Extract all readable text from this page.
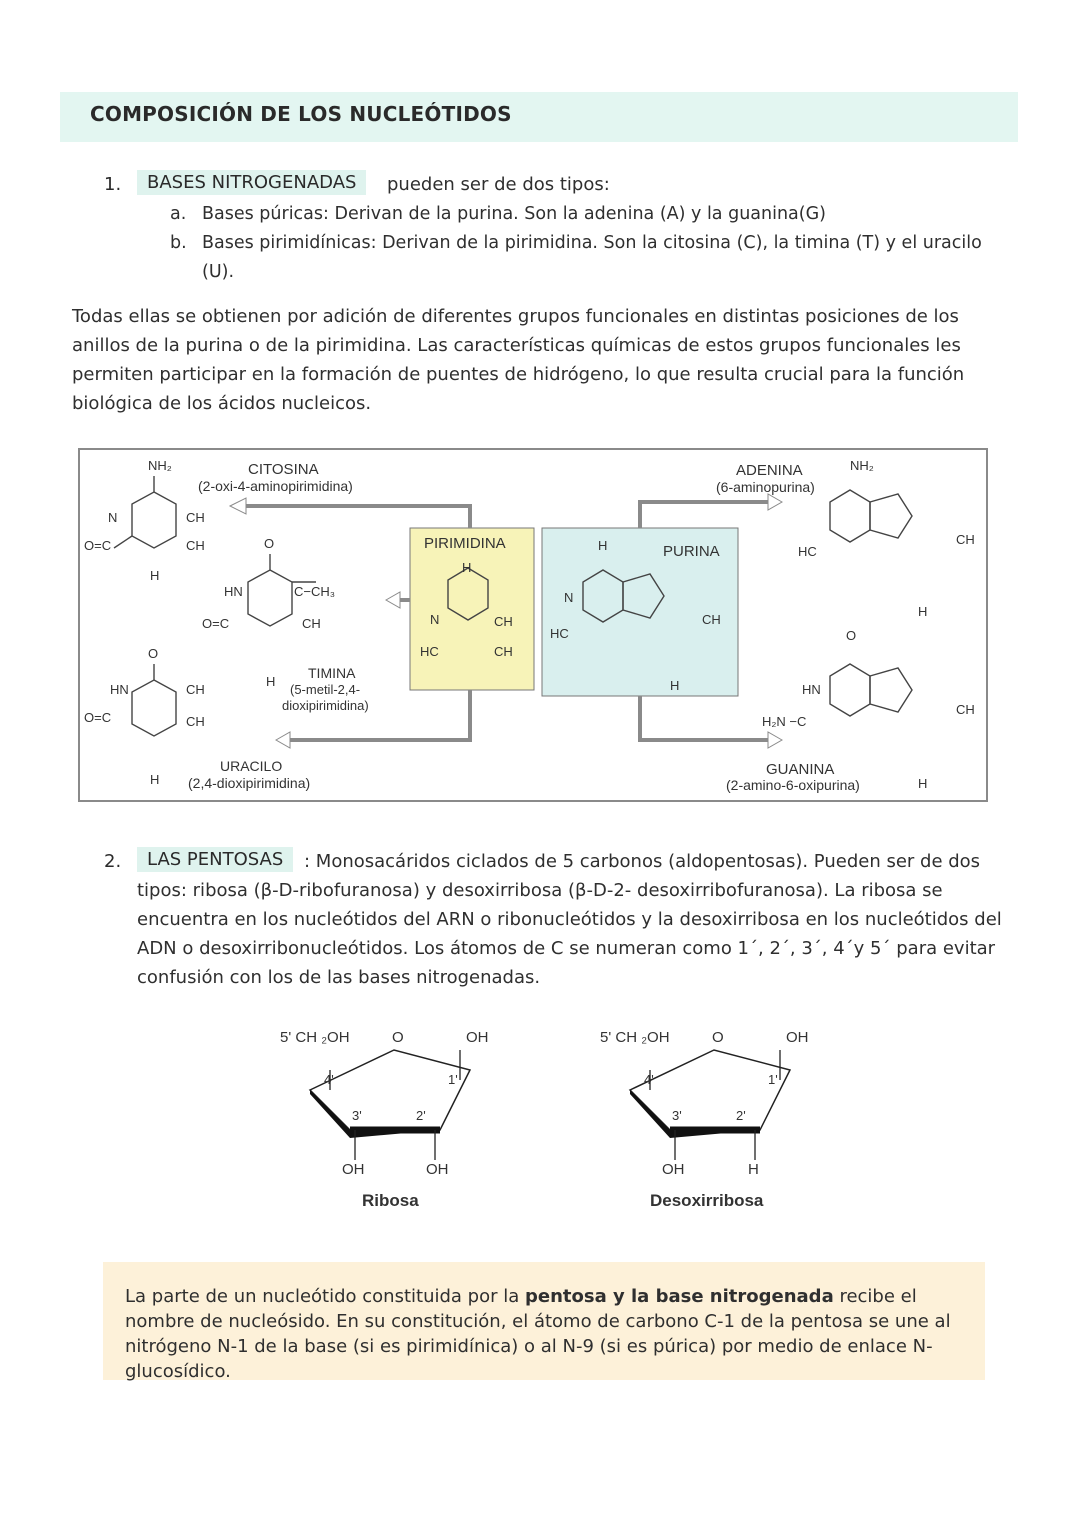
COMPOSICIÓN DE LOS NUCLEÓTIDOS
1.	BASES NITROGENADAS	pueden ser de dos tipos:
a. Bases púricas: Derivan de la purina. Son la adenina (A) y la guanina(G)
b. Bases pirimidínicas: Derivan de la pirimidina. Son la citosina (C), la timina (T) y el uracilo
(U).
Todas ellas se obtienen por adición de diferentes grupos funcionales en distintas posiciones de los
anillos de la purina o de la pirimidina. Las características químicas de estos grupos funcionales les
permiten participar en la formación de puentes de hidrógeno, lo que resulta crucial para la función
biológica de los ácidos nucleicos.
PIRIMIDINA	PURINA
NH₂
N
O=C
CH
CH
H
O
HN
O=C
CH
CH
H
O
HN
O=C
C−CH₃
CH
H
H
N	CH
HC	CH
H
N
HC
CH
H
NH₂
HC
CH
H
O
HN
H₂N −C
CH
H
CITOSINA
(2-oxi-4-aminopirimidina)
TIMINA
(5-metil-2,4-
dioxipirimidina)
URACILO
(2,4-dioxipirimidina)
ADENINA
(6-aminopurina)
GUANINA
(2-amino-6-oxipurina)
2.	LAS PENTOSAS	: Monosacáridos ciclados de 5 carbonos (aldopentosas). Pueden ser de dos
tipos: ribosa (β-D-ribofuranosa) y desoxirribosa (β-D-2- desoxirribofuranosa). La ribosa se
encuentra en los nucleótidos del ARN o ribonucleótidos y la desoxirribosa en los nucleótidos del
ADN o desoxirribonucleótidos. Los átomos de C se numeran como 1´, 2´, 3´, 4´y 5´ para evitar
confusión con los de las bases nitrogenadas.
5' CH ₂OH	O	OH
4'	1'
3'	2'
OH	OH
Ribosa
5' CH ₂OH	O	OH
4'	1'
3'	2'
OH	H
Desoxirribosa
La parte de un nucleótido constituida por la pentosa y la base nitrogenada recibe el nombre de nucleósido. En su constitución, el átomo de carbono C-1 de la pentosa se une al nitrógeno N-1 de la base (si es pirimidínica) o al N-9 (si es púrica) por medio de enlace N-glucosídico.
